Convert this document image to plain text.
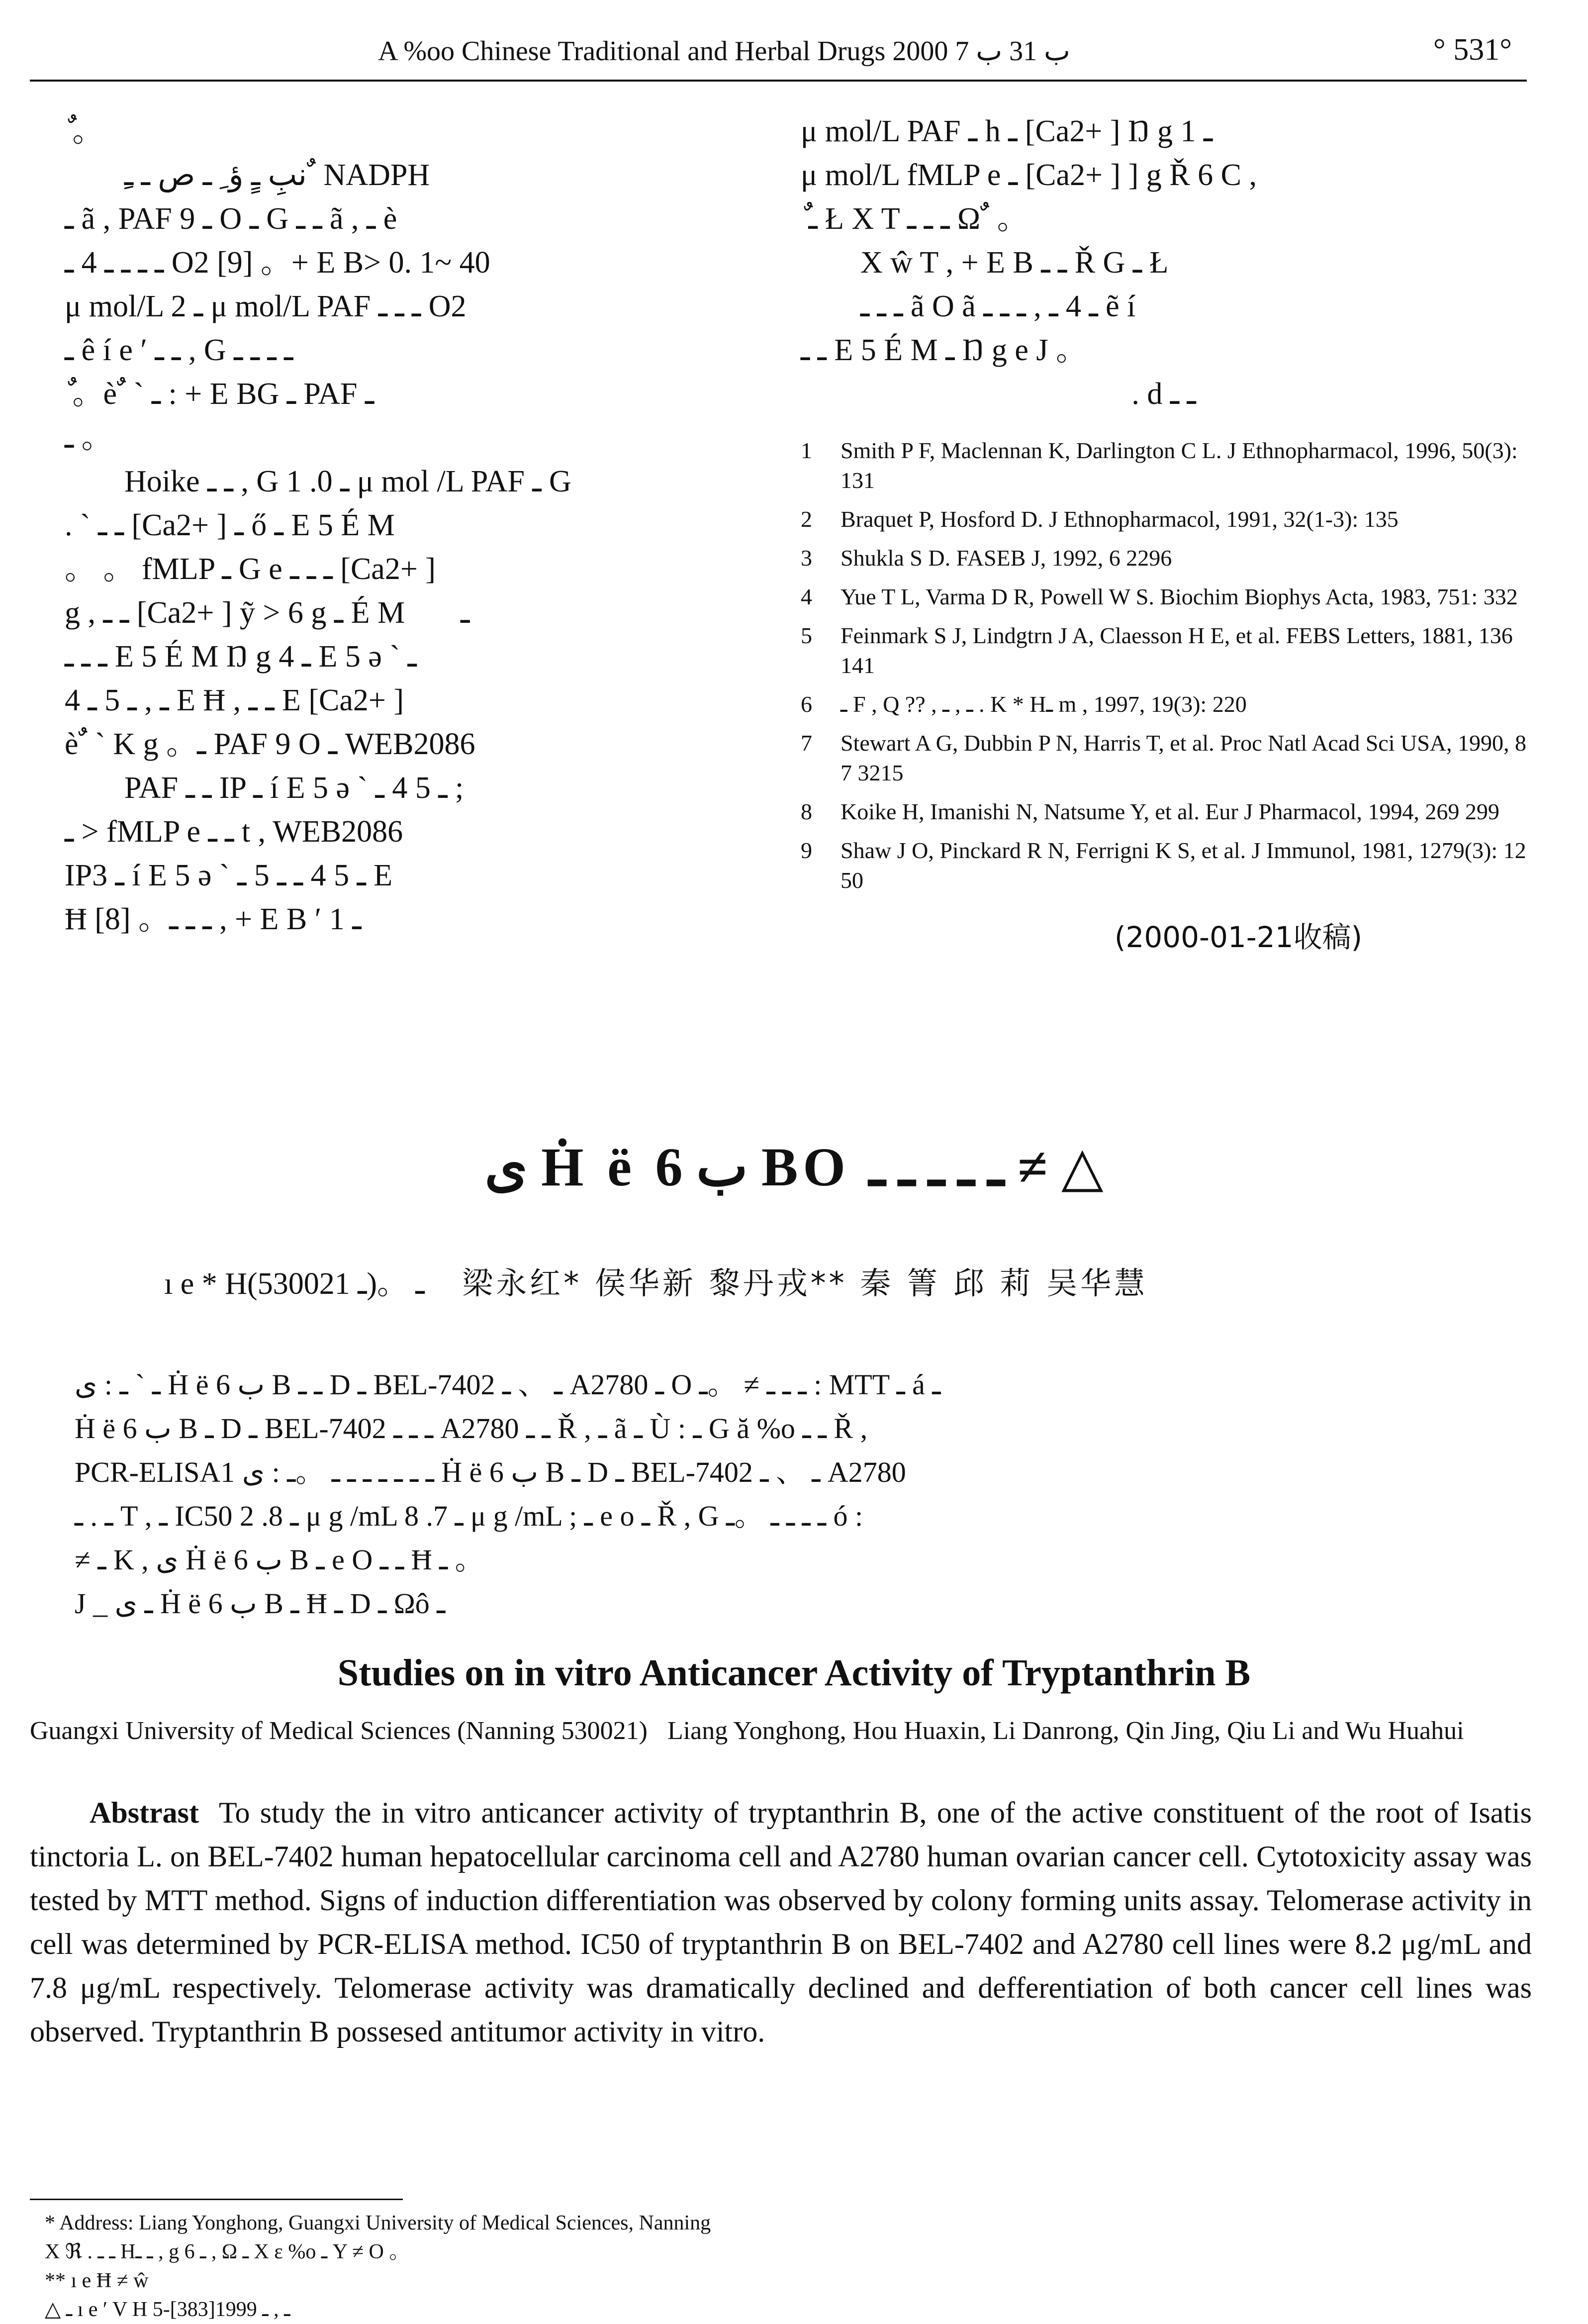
A %oo Chinese Traditional and Herbal Drugs 2000 ب 31 ب 7	° 531°

ٌ 。

نبِ ـٍ ؤ ِ ـ ص ـ ـِ ٌ NADPH

ـ ã , PAF ـ 9 O ـ G ـ ـ ã , ـ è

ـ ـ ـ ـ 4 ـ O2 [9] 。+ E B> 0. 1~ 40

μ mol/L ـ 2 μ mol/L PAF ـ ـ ـ O2

ـ ê í e ′ ـ ـ , G ـ ـ ـ ـ

ٌ 。è ٌ ` ـ : + E BG ـ PAF ـ

ـ 。

Hoike ـ ـ , G ـ 0. 1 μ mol /L PAF ـ G

. ` ـ ـ [Ca2+ ] ـ ő ـ E 5 É M

。 。 fMLP ـ G e ـ ـ ـ [Ca2+ ]

g , ـ ـ [Ca2+ ] ỹ > 6 g ـ É M。ٌ ـ

ـ ـ ـ E 5 É M Ŋ g 4 ـ E 5 ə ` ـ

4 ـ , ـ 5 ـ E Ħ , ـ ـ E [Ca2+ ]

è ٌ ` K g 。ـ PAF 9 O ـ WEB2086

PAF ـ ـ IP ـ í E 5 ə ` ـ 5 4 ـ ;

ـ > fMLP e ـ ـ t , WEB2086

IP3 ـ í E 5 ə ` ـ 5 4 ـ ـ 5 ـ E

Ħ [8] 。ـ ـ ـ , + E B ′ ـ 1

μ mol/L PAF ـ h ـ [Ca2+ ] Ŋ g ـ 1

μ mol/L fMLP e ـ [Ca2+ ] ] g Ř 6 C ,

ٌ ـ Ł X T ـ ـ ـ Ω ٌ 。

X ŵ T , + E B ـ ـ Ř G ـ Ł

ـ ـ ـ ã O ã ـ 4 ـ , ـ ـ ـ ẽ í

ـ ـ E 5 É M ـ Ŋ g e J 。

. d ـ ـ

1 Smith P F, Maclennan K, Darlington C L. J Ethnopharmacol, 1996, 50(3): 131
2 Braquet P, Hosford D. J Ethnopharmacol, 1991, 32(1-3): 135
3 Shukla S D. FASEB J, 1992, 6 2296
4 Yue T L, Varma D R, Powell W S. Biochim Biophys Acta, 1983, 751: 332
5 Feinmark S J, Lindgtrn J A, Claesson H E, et al. FEBS Letters, 1881, 136 141
6 ـ F , Q ?? , ـ , ـ . K * Hـ m , 1997, 19(3): 220
7 Stewart A G, Dubbin P N, Harris T, et al. Proc Natl Acad Sci USA, 1990, 87 3215
8 Koike H, Imanishi N, Natsume Y, et al. Eur J Pharmacol, 1994, 269 299
9 Shaw J O, Pinckard R N, Ferrigni K S, et al. J Immunol, 1981, 1279(3): 1250
(2000-01-21收稿)
ى Ḣ ë ب 6 BO ـ ـ ـ ـ ـ ≠ △
ı e * Hـ 。(ـ 530021) 梁永红* 侯华新 黎丹戎** 秦 箐 邱 莉 吴华慧

ـ ` ـ : ى Ḣ ë ب 6 B ـ ـ D ـ BEL-7402 ـ 、 ـ A2780 ـ O ـ ـ ـ ≠ 。ـ : MTT ـ á ـ

Ḣ ë ب 6 B ـ D ـ BEL-7402 ـ ـ ـ A2780 ـ ـ Ř , ـ ã ـ Ù : ـ G ă %o ـ ـ Ř ,

PCR-ELISA1 ـ ـ ـ ـ ـ ـ ـ 。ـ : ى Ḣ ë ب 6 B ـ D ـ BEL-7402 ـ 、 ـ A2780

ـ . ـ T , ـ IC50 ـ 8. 2 μ g /mL ـ 7. 8 μ g /mL ; ـ e o ـ Ř , G ـ ـ ـ ـ 。ـ ó :

≠ ـ K , ى Ḣ ë ب 6 B ـ e O ـ ـ Ħ ـ 。

J _ ـ ى Ḣ ë ب 6 B ـ Ħ ـ D ـ Ωô ـ

Studies on in vitro Anticancer Activity of Tryptanthrin B
Guangxi University of Medical Sciences (Nanning 530021) Liang Yonghong, Hou Huaxin, Li Danrong, Qin Jing, Qiu Li and Wu Huahui
Abstrast To study the in vitro anticancer activity of tryptanthrin B, one of the active constituent of the root of Isatis tinctoria L. on BEL-7402 human hepatocellular carcinoma cell and A2780 human ovarian cancer cell. Cytotoxicity assay was tested by MTT method. Signs of induction differentiation was observed by colony forming units assay. Telomerase activity in cell was determined by PCR-ELISA method. IC50 of tryptanthrin B on BEL-7402 and A2780 cell lines were 8.2 μg/mL and 7.8 μg/mL respectively. Telomerase activity was dramatically declined and defferentiation of both cancer cell lines was observed. Tryptanthrin B possesed antitumor activity in vitro.

* Address: Liang Yonghong, Guangxi University of Medical Sciences, Nanning

X ℜ . ـ ـ Hـ ـ , g ـ 6 , Ω ـ X ε %o ـ Y ≠ O 。

** ı e Ħ ≠ ŵ

△ ـ ı e ′ V H ـ , ـ 1999[383]-5
